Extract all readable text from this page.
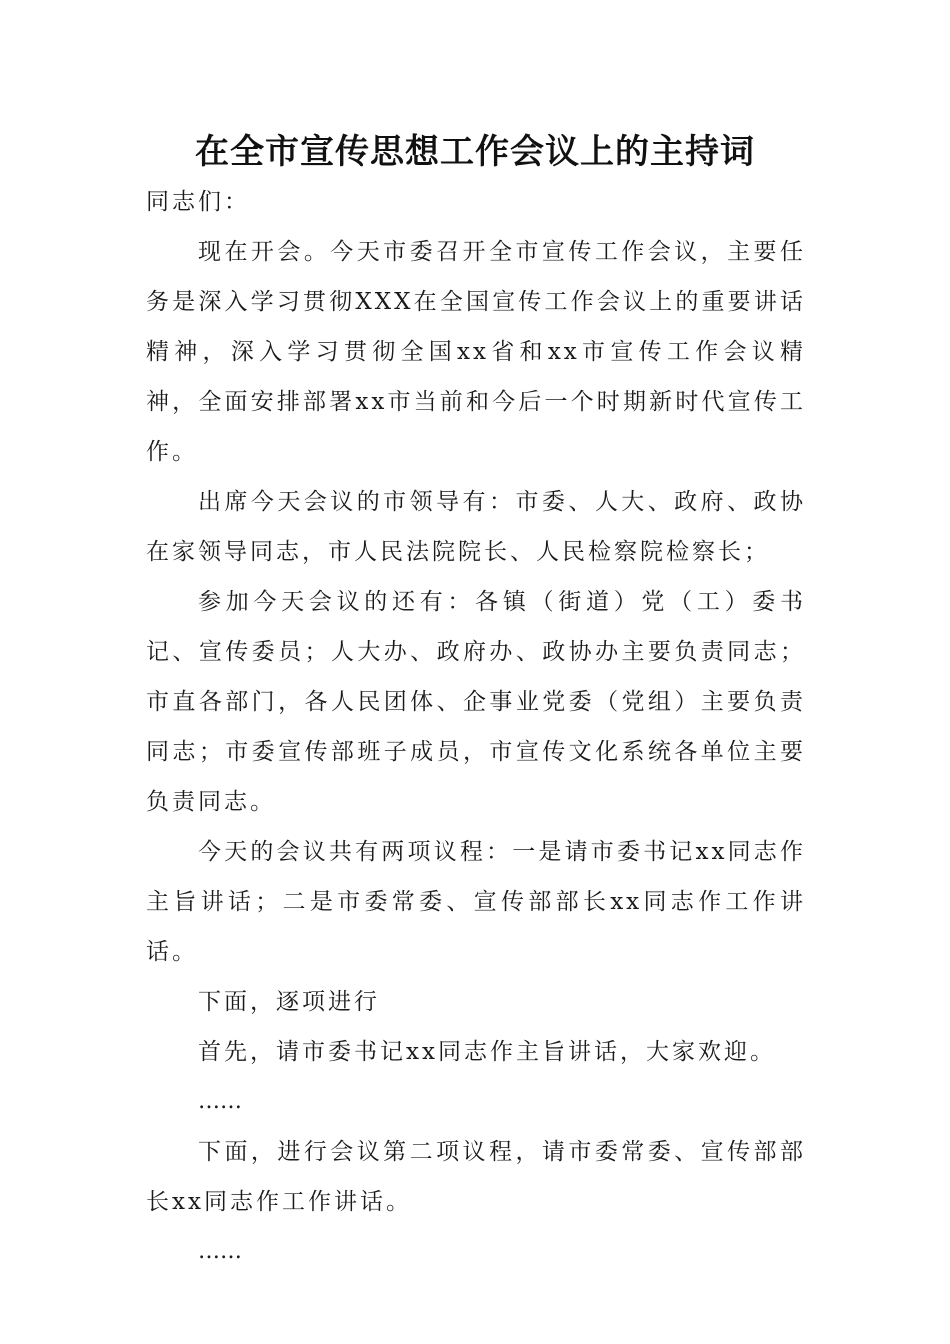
在全市宣传思想工作会议上的主持词

同志们：

现在开会。今天市委召开全市宣传工作会议，主要任务是深入学习贯彻XXX在全国宣传工作会议上的重要讲话精神，深入学习贯彻全国xx省和xx市宣传工作会议精神，全面安排部署xx市当前和今后一个时期新时代宣传工作。

出席今天会议的市领导有：市委、人大、政府、政协在家领导同志，市人民法院院长、人民检察院检察长；

参加今天会议的还有：各镇（街道）党（工）委书记、宣传委员；人大办、政府办、政协办主要负责同志；市直各部门，各人民团体、企事业党委（党组）主要负责同志；市委宣传部班子成员，市宣传文化系统各单位主要负责同志。

今天的会议共有两项议程：一是请市委书记xx同志作主旨讲话；二是市委常委、宣传部部长xx同志作工作讲话。

下面，逐项进行

首先，请市委书记xx同志作主旨讲话，大家欢迎。

……

下面，进行会议第二项议程，请市委常委、宣传部部长xx同志作工作讲话。

……
